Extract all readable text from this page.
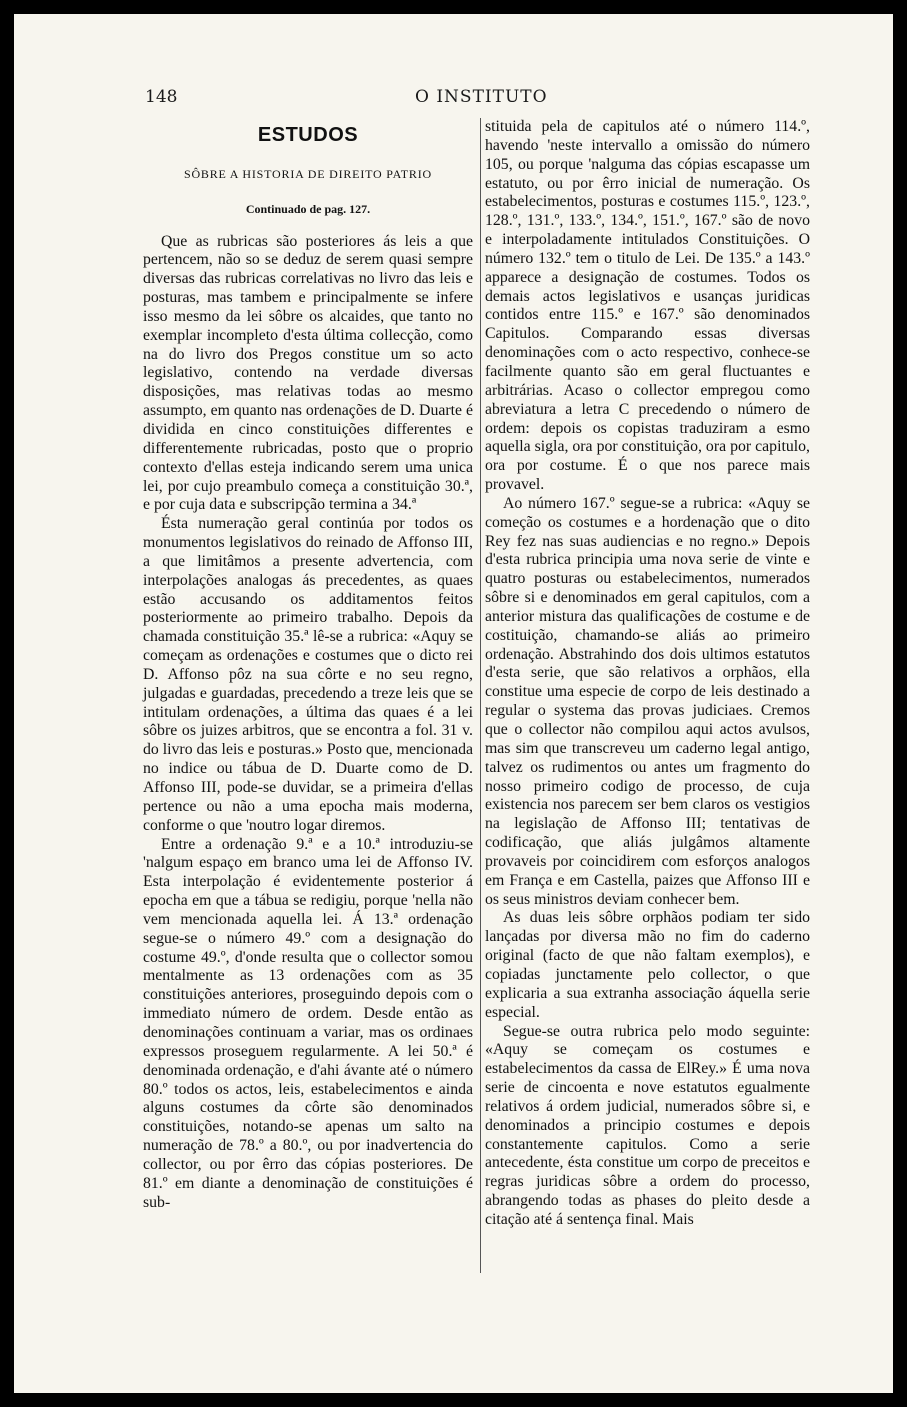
148	O INSTITUTO
ESTUDOS
SÔBRE A HISTORIA DE DIREITO PATRIO
Continuado de pag. 127.

Que as rubricas são posteriores ás leis a que pertencem, não so se deduz de serem quasi sempre diversas das rubricas correlativas no livro das leis e posturas, mas tambem e principalmente se infere isso mesmo da lei sôbre os alcaides, que tanto no exemplar incompleto d'esta última collecção, como na do livro dos Pregos constitue um so acto legislativo, contendo na verdade diversas disposições, mas relativas todas ao mesmo assumpto, em quanto nas ordenações de D. Duarte é dividida en cinco constituições differentes e differentemente rubricadas, posto que o proprio contexto d'ellas esteja indicando serem uma unica lei, por cujo preambulo começa a constituição 30.ª, e por cuja data e subscripção termina a 34.ª

Ésta numeração geral continúa por todos os monumentos legislativos do reinado de Affonso III, a que limitâmos a presente advertencia, com interpolações analogas ás precedentes, as quaes estão accusando os additamentos feitos posteriormente ao primeiro trabalho. Depois da chamada constituição 35.ª lê-se a rubrica: «Aquy se começam as ordenações e costumes que o dicto rei D. Affonso pôz na sua côrte e no seu regno, julgadas e guardadas, precedendo a treze leis que se intitulam ordenações, a última das quaes é a lei sôbre os juizes arbitros, que se encontra a fol. 31 v. do livro das leis e posturas.» Posto que, mencionada no indice ou tábua de D. Duarte como de D. Affonso III, pode-se duvidar, se a primeira d'ellas pertence ou não a uma epocha mais moderna, conforme o que 'noutro logar diremos.

Entre a ordenação 9.ª e a 10.ª introduziu-se 'nalgum espaço em branco uma lei de Affonso IV. Esta interpolação é evidentemente posterior á epocha em que a tábua se redigiu, porque 'nella não vem mencionada aquella lei. Á 13.ª ordenação segue-se o número 49.º com a designação do costume 49.º, d'onde resulta que o collector somou mentalmente as 13 ordenações com as 35 constituições anteriores, proseguindo depois com o immediato número de ordem. Desde então as denominações continuam a variar, mas os ordinaes expressos proseguem regularmente. A lei 50.ª é denominada ordenação, e d'ahi ávante até o número 80.º todos os actos, leis, estabelecimentos e ainda alguns costumes da côrte são denominados constituições, notando-se apenas um salto na numeração de 78.º a 80.º, ou por inadvertencia do collector, ou por êrro das cópias posteriores. De 81.º em diante a denominação de constituições é sub-

stituida pela de capitulos até o número 114.º, havendo 'neste intervallo a omissão do número 105, ou porque 'nalguma das cópias escapasse um estatuto, ou por êrro inicial de numeração. Os estabelecimentos, posturas e costumes 115.º, 123.º, 128.º, 131.º, 133.º, 134.º, 151.º, 167.º são de novo e interpoladamente intitulados Constituições. O número 132.º tem o titulo de Lei. De 135.º a 143.º apparece a designação de costumes. Todos os demais actos legislativos e usanças juridicas contidos entre 115.º e 167.º são denominados Capitulos. Comparando essas diversas denominações com o acto respectivo, conhece-se facilmente quanto são em geral fluctuantes e arbitrárias. Acaso o collector empregou como abreviatura a letra C precedendo o número de ordem: depois os copistas traduziram a esmo aquella sigla, ora por constituição, ora por capitulo, ora por costume. É o que nos parece mais provavel.

Ao número 167.º segue-se a rubrica: «Aquy se começão os costumes e a hordenação que o dito Rey fez nas suas audiencias e no regno.» Depois d'esta rubrica principia uma nova serie de vinte e quatro posturas ou estabelecimentos, numerados sôbre si e denominados em geral capitulos, com a anterior mistura das qualificações de costume e de costituição, chamando-se aliás ao primeiro ordenação. Abstrahindo dos dois ultimos estatutos d'esta serie, que são relativos a orphãos, ella constitue uma especie de corpo de leis destinado a regular o systema das provas judiciaes. Cremos que o collector não compilou aqui actos avulsos, mas sim que transcreveu um caderno legal antigo, talvez os rudimentos ou antes um fragmento do nosso primeiro codigo de processo, de cuja existencia nos parecem ser bem claros os vestigios na legislação de Affonso III; tentativas de codificação, que aliás julgâmos altamente provaveis por coincidirem com esforços analogos em França e em Castella, paizes que Affonso III e os seus ministros deviam conhecer bem.

As duas leis sôbre orphãos podiam ter sido lançadas por diversa mão no fim do caderno original (facto de que não faltam exemplos), e copiadas junctamente pelo collector, o que explicaria a sua extranha associação áquella serie especial.

Segue-se outra rubrica pelo modo seguinte: «Aquy se começam os costumes e estabelecimentos da cassa de ElRey.» É uma nova serie de cincoenta e nove estatutos egualmente relativos á ordem judicial, numerados sôbre si, e denominados a principio costumes e depois constantemente capitulos. Como a serie antecedente, ésta constitue um corpo de preceitos e regras juridicas sôbre a ordem do processo, abrangendo todas as phases do pleito desde a citação até á sentença final. Mais
